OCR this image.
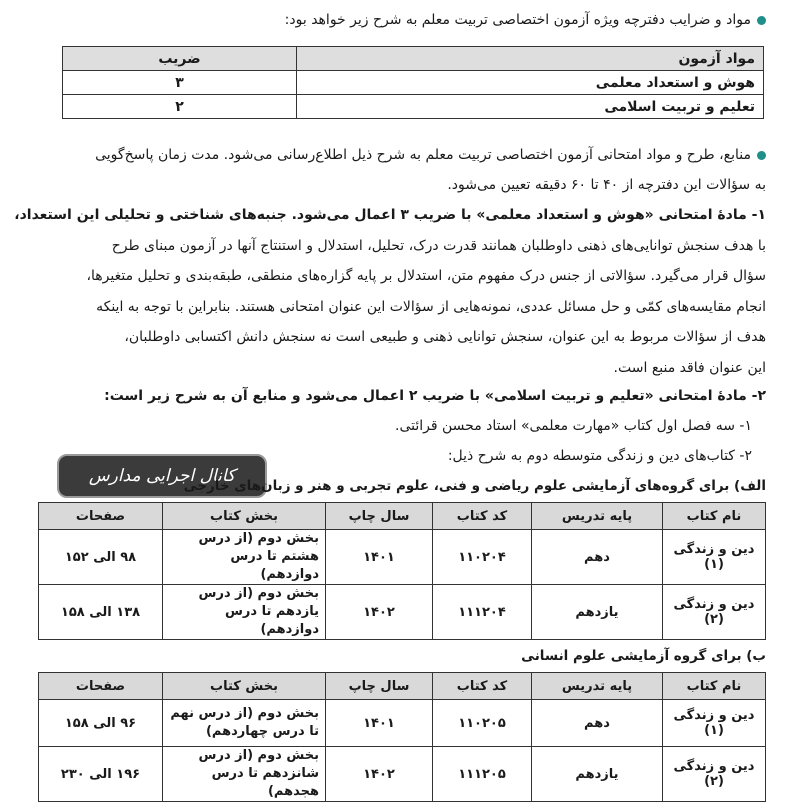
مواد و ضرایب دفترچه ویژه آزمون اختصاصی تربیت معلم به شرح زیر خواهد بود:
مواد آزمون	ضریب
هوش و استعداد معلمی	۳
تعلیم و تربیت اسلامی	۲

منابع، طرح و مواد امتحانی آزمون اختصاصی تربیت معلم به شرح ذیل اطلاع‌رسانی می‌شود. مدت زمان پاسخ‌گویی

به سؤالات این دفترچه از ۴۰ تا ۶۰ دقیقه تعیین می‌شود.

۱- مادۀ امتحانی «هوش و استعداد معلمی» با ضریب ۳ اعمال می‌شود. جنبه‌های شناختی و تحلیلی این استعداد،

با هدف سنجش توانایی‌های ذهنی داوطلبان همانند قدرت درک، تحلیل، استدلال و استنتاج آنها در آزمون مبنای طرح

سؤال قرار می‌گیرد. سؤالاتی از جنس درک مفهوم متن، استدلال بر پایه گزاره‌های منطقی، طبقه‌بندی و تحلیل متغیرها،

انجام مقایسه‌های کمّی و حل مسائل عددی، نمونه‌هایی از سؤالات این عنوان امتحانی هستند. بنابراین با توجه به اینکه

هدف از سؤالات مربوط به این عنوان، سنجش توانایی ذهنی و طبیعی است نه سنجش دانش اکتسابی داوطلبان،

این عنوان فاقد منبع است.

۲- مادۀ امتحانی «تعلیم و تربیت اسلامی» با ضریب ۲ اعمال می‌شود و منابع آن به شرح زیر است:

۱- سه فصل اول کتاب «مهارت معلمی» استاد محسن قرائتی.

۲- کتاب‌های دین و زندگی متوسطه دوم به شرح ذیل:

کانال اجرایی مدارس
الف) برای گروه‌های آزمایشی علوم ریاضی و فنی، علوم تجربی و هنر و زبان‌های خارجی
نام کتاب	پایه تدریس	کد کتاب	سال چاپ	بخش کتاب	صفحات
دین و زندگی (۱)	دهم	۱۱۰۲۰۴	۱۴۰۱	بخش دوم (از درس هشتم تا درس دوازدهم)	۹۸ الی ۱۵۲
دین و زندگی (۲)	یازدهم	۱۱۱۲۰۴	۱۴۰۲	بخش دوم (از درس یازدهم تا درس دوازدهم)	۱۳۸ الی ۱۵۸
ب) برای گروه آزمایشی علوم انسانی
نام کتاب	پایه تدریس	کد کتاب	سال چاپ	بخش کتاب	صفحات
دین و زندگی (۱)	دهم	۱۱۰۲۰۵	۱۴۰۱	بخش دوم (از درس نهم تا درس چهاردهم)	۹۶ الی ۱۵۸
دین و زندگی (۲)	یازدهم	۱۱۱۲۰۵	۱۴۰۲	بخش دوم (از درس شانزدهم تا درس هجدهم)	۱۹۶ الی ۲۳۰
